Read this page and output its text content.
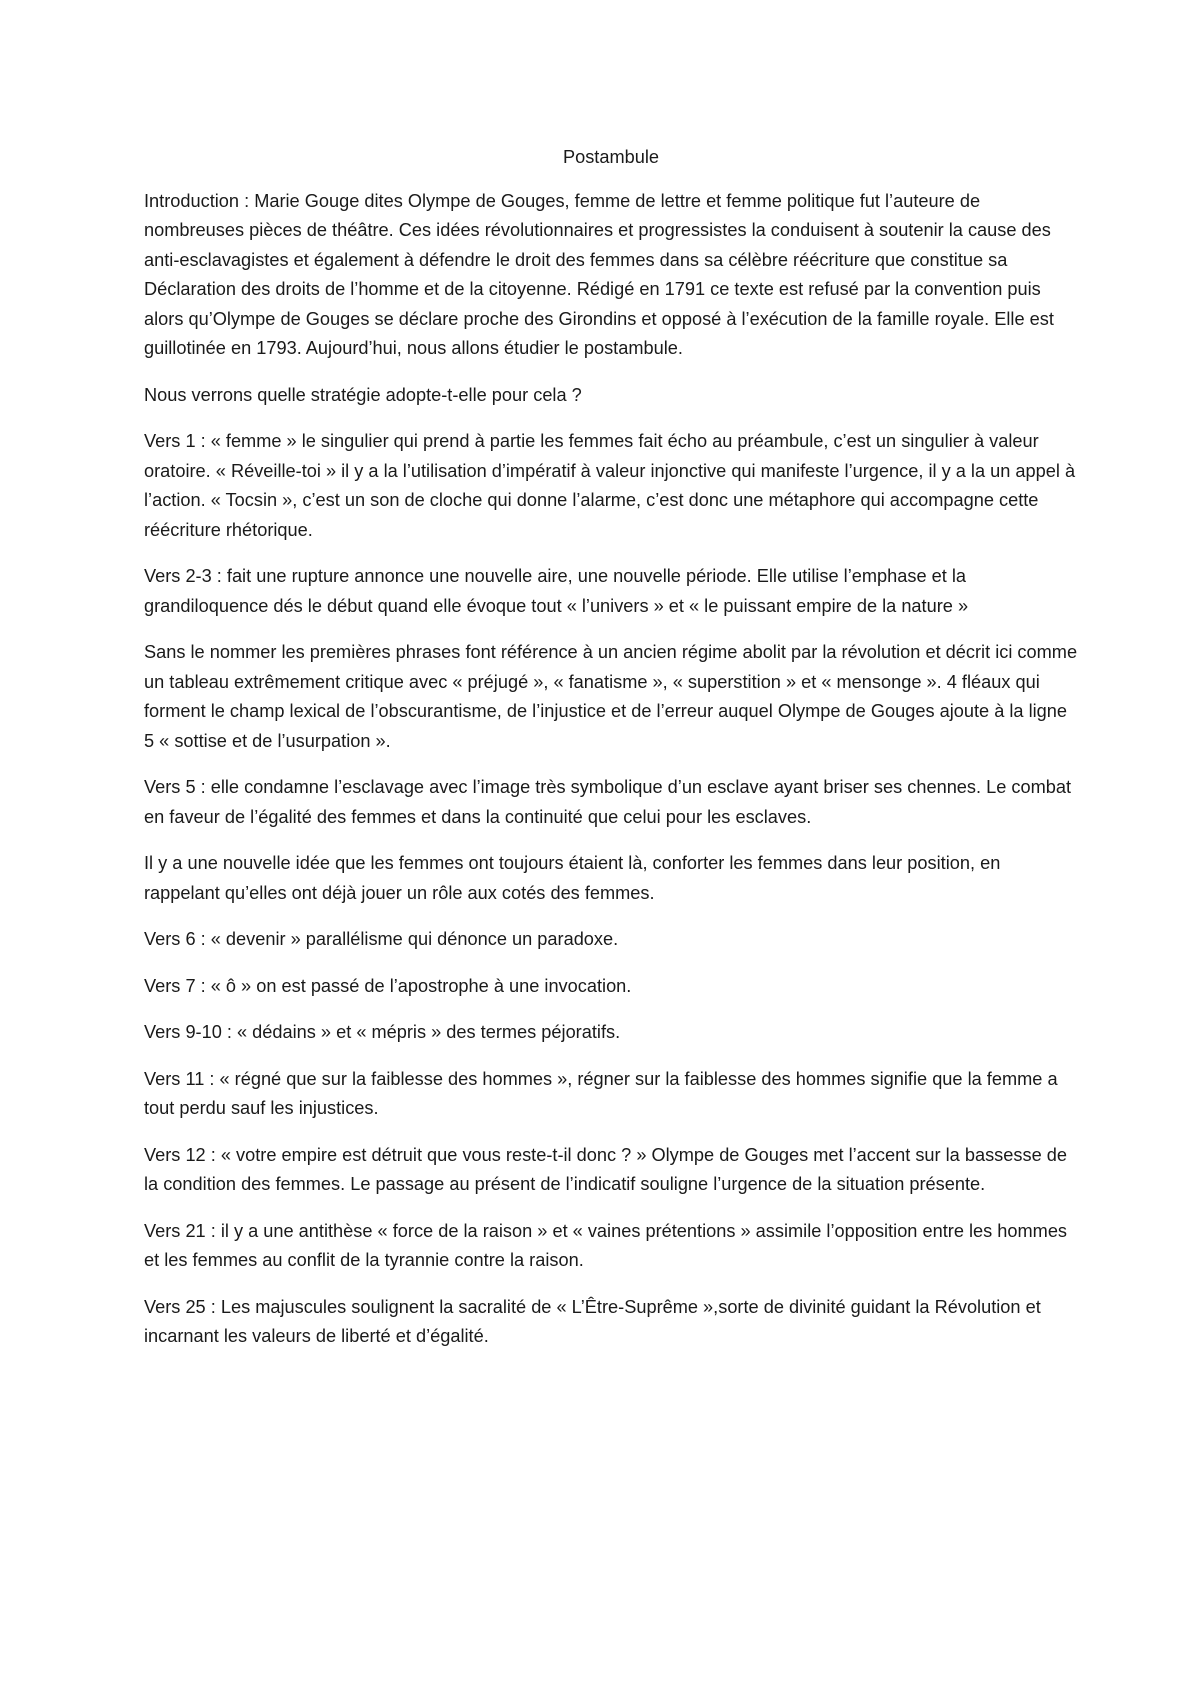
Postambule

Introduction : Marie Gouge dites Olympe de Gouges, femme de lettre et femme politique fut l’auteure de nombreuses pièces de théâtre. Ces idées révolutionnaires et progressistes la conduisent à soutenir la cause des anti-esclavagistes et également à défendre le droit des femmes dans sa célèbre réécriture que constitue sa Déclaration des droits de l’homme et de la citoyenne. Rédigé en 1791 ce texte est refusé par la convention puis alors qu’Olympe de Gouges se déclare proche des Girondins et opposé à l’exécution de la famille royale. Elle est guillotinée en 1793. Aujourd’hui, nous allons étudier le postambule.

Nous verrons quelle stratégie adopte-t-elle pour cela ?

Vers 1 : « femme » le singulier qui prend à partie les femmes fait écho au préambule, c’est un singulier à valeur oratoire. « Réveille-toi » il y a la l’utilisation d’impératif à valeur injonctive qui manifeste l’urgence, il y a la un appel à l’action. « Tocsin », c’est un son de cloche qui donne l’alarme, c’est donc une métaphore qui accompagne cette réécriture rhétorique.

Vers 2-3 : fait une rupture annonce une nouvelle aire, une nouvelle période. Elle utilise l’emphase et la grandiloquence dés le début quand elle évoque tout « l’univers » et « le puissant empire de la nature »

Sans le nommer les premières phrases font référence à un ancien régime abolit par la révolution et décrit ici comme un tableau extrêmement critique avec « préjugé », « fanatisme », « superstition » et « mensonge ». 4 fléaux qui forment le champ lexical de l’obscurantisme, de l’injustice et de l’erreur auquel Olympe de Gouges ajoute à la ligne 5 « sottise et de l’usurpation ».

Vers 5 : elle condamne l’esclavage avec l’image très symbolique d’un esclave ayant briser ses chennes. Le combat en faveur de l’égalité des femmes et dans la continuité que celui pour les esclaves.

Il y a une nouvelle idée que les femmes ont toujours étaient là, conforter les femmes dans leur position, en rappelant qu’elles ont déjà jouer un rôle aux cotés des femmes.

Vers 6 : « devenir » parallélisme qui dénonce un paradoxe.

Vers 7 : « ô » on est passé de l’apostrophe à une invocation.

Vers 9-10 : « dédains » et « mépris » des termes péjoratifs.

Vers 11 : « régné que sur la faiblesse des hommes », régner sur la faiblesse des hommes signifie que la femme a tout perdu sauf les injustices.

Vers 12 : « votre empire est détruit que vous reste-t-il donc ? » Olympe de Gouges met l’accent sur la bassesse de la condition des femmes. Le passage au présent de l’indicatif souligne l’urgence de la situation présente.

Vers 21 : il y a une antithèse « force de la raison » et « vaines prétentions » assimile l’opposition entre les hommes et les femmes au conflit de la tyrannie contre la raison.

Vers 25 : Les majuscules soulignent la sacralité de « L’Être-Suprême »,sorte de divinité guidant la Révolution et incarnant les valeurs de liberté et d’égalité.
